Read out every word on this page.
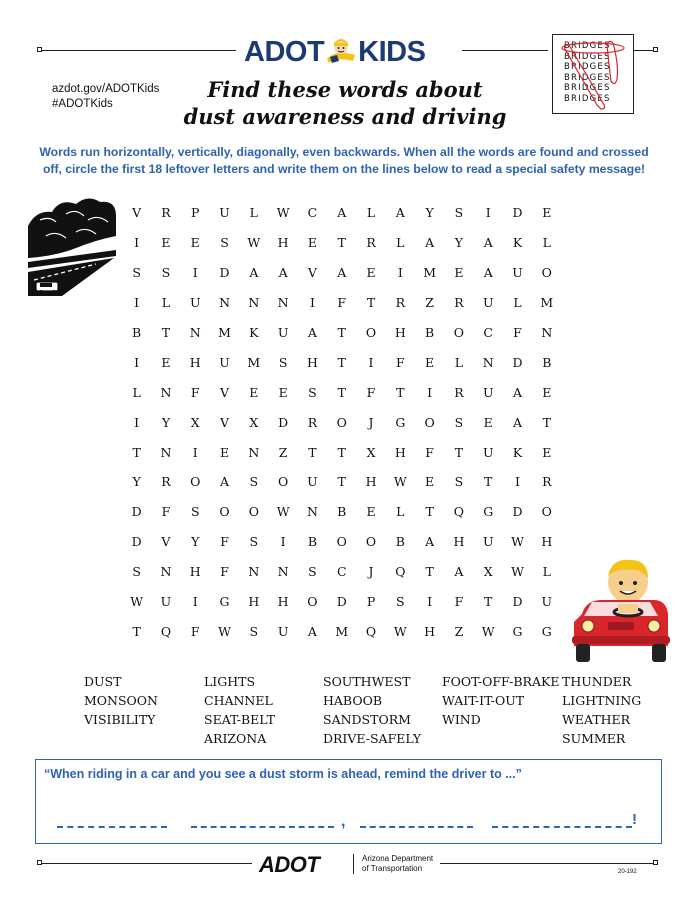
ADOT KIDS
azdot.gov/ADOTKids
#ADOTKids
Find these words about
dust awareness and driving
BRIDGES
BRIDGES
BRIDGES
BRIDGES
BRIDGES
BRIDGES
Words run horizontally, vertically, diagonally, even backwards. When all the words are found and crossed off, circle the first 18 leftover letters and write them on the lines below to read a special safety message!
V	R	P	U	L	W	C	A	L	A	Y	S	I	D	E
I	E	E	S	W	H	E	T	R	L	A	Y	A	K	L
S	S	I	D	A	A	V	A	E	I	M	E	A	U	O
I	L	U	N	N	N	I	F	T	R	Z	R	U	L	M
B	T	N	M	K	U	A	T	O	H	B	O	C	F	N
I	E	H	U	M	S	H	T	I	F	E	L	N	D	B
L	N	F	V	E	E	S	T	F	T	I	R	U	A	E
I	Y	X	V	X	D	R	O	J	G	O	S	E	A	T
T	N	I	E	N	Z	T	T	X	H	F	T	U	K	E
Y	R	O	A	S	O	U	T	H	W	E	S	T	I	R
D	F	S	O	O	W	N	B	E	L	T	Q	G	D	O
D	V	Y	F	S	I	B	O	O	B	A	H	U	W	H
S	N	H	F	N	N	S	C	J	Q	T	A	X	W	L
W	U	I	G	H	H	O	D	P	S	I	F	T	D	U
T	Q	F	W	S	U	A	M	Q	W	H	Z	W	G	G
DUST
MONSOON
VISIBILITY
LIGHTS
CHANNEL
SEAT-BELT
ARIZONA
SOUTHWEST
HABOOB
SANDSTORM
DRIVE-SAFELY
FOOT-OFF-BRAKE
WAIT-IT-OUT
WIND
THUNDER
LIGHTNING
WEATHER
SUMMER
“When riding in a car and you see a dust storm is ahead, remind the driver to ...”
,	!
ADOT	Arizona Department
of Transportation	20-192
